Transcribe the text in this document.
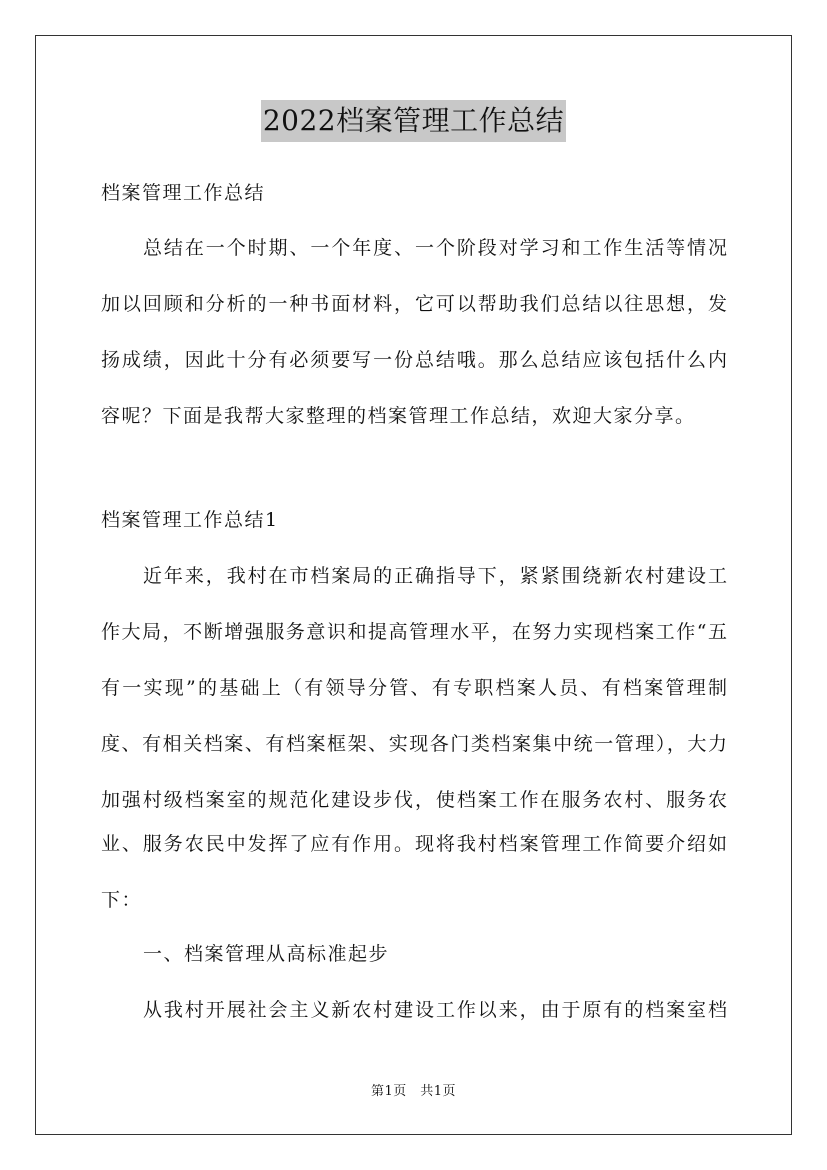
2022档案管理工作总结
档案管理工作总结
总结在一个时期、一个年度、一个阶段对学习和工作生活等情况
加以回顾和分析的一种书面材料，它可以帮助我们总结以往思想，发
扬成绩，因此十分有必须要写一份总结哦。那么总结应该包括什么内
容呢？下面是我帮大家整理的档案管理工作总结，欢迎大家分享。
档案管理工作总结1
近年来，我村在市档案局的正确指导下，紧紧围绕新农村建设工
作大局，不断增强服务意识和提高管理水平，在努力实现档案工作“五
有一实现”的基础上（有领导分管、有专职档案人员、有档案管理制
度、有相关档案、有档案框架、实现各门类档案集中统一管理），大力
加强村级档案室的规范化建设步伐，使档案工作在服务农村、服务农
业、服务农民中发挥了应有作用。现将我村档案管理工作简要介绍如
下：
一、档案管理从高标准起步
从我村开展社会主义新农村建设工作以来，由于原有的档案室档
第1页　共1页
